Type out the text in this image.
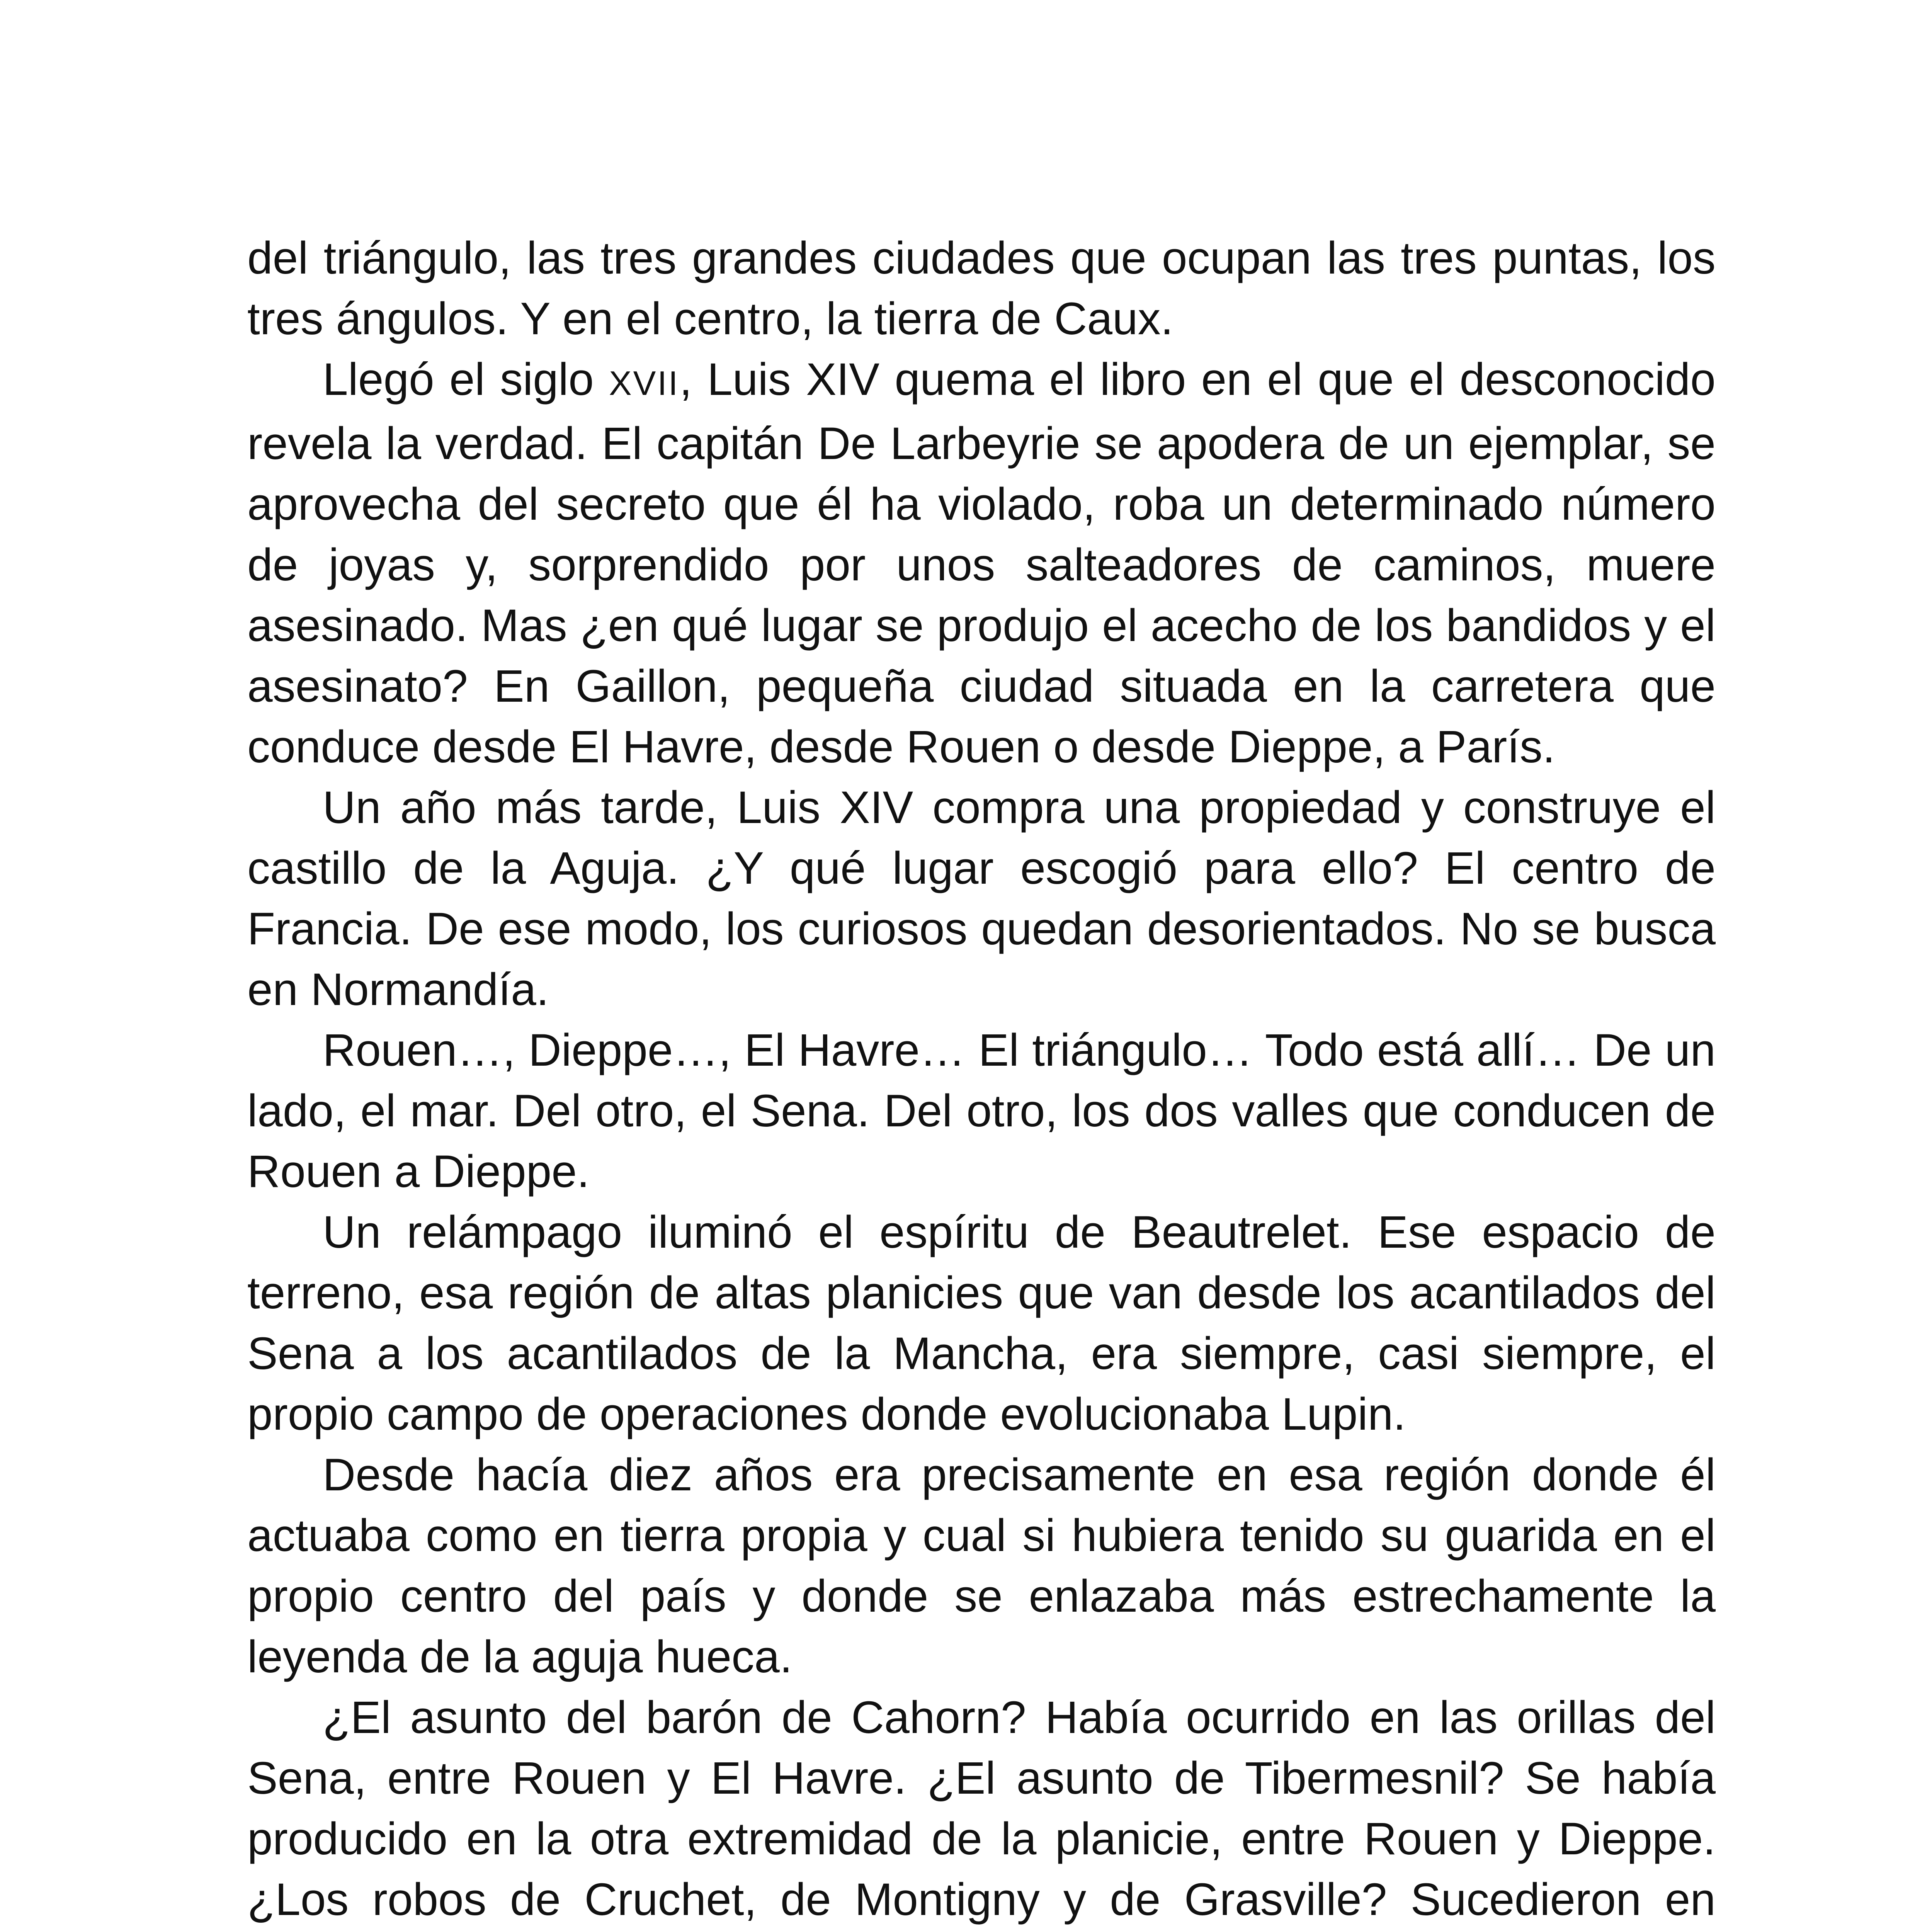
del triángulo, las tres grandes ciudades que ocupan las tres puntas, los tres ángulos. Y en el centro, la tierra de Caux.

Llegó el siglo XVII, Luis XIV quema el libro en el que el desconocido revela la verdad. El capitán De Larbeyrie se apodera de un ejemplar, se aprovecha del secreto que él ha violado, roba un determinado número de joyas y, sorprendido por unos salteadores de caminos, muere asesinado. Mas ¿en qué lugar se produjo el acecho de los bandidos y el asesinato? En Gaillon, pequeña ciudad situada en la carretera que conduce desde El Havre, desde Rouen o desde Dieppe, a París.

Un año más tarde, Luis XIV compra una propiedad y construye el castillo de la Aguja. ¿Y qué lugar escogió para ello? El centro de Francia. De ese modo, los curiosos quedan desorientados. No se busca en Normandía.

Rouen…, Dieppe…, El Havre… El triángulo… Todo está allí… De un lado, el mar. Del otro, el Sena. Del otro, los dos valles que conducen de Rouen a Dieppe.

Un relámpago iluminó el espíritu de Beautrelet. Ese espacio de terreno, esa región de altas planicies que van desde los acantilados del Sena a los acantilados de la Mancha, era siempre, casi siempre, el propio campo de operaciones donde evolucionaba Lupin.

Desde hacía diez años era precisamente en esa región donde él actuaba como en tierra propia y cual si hubiera tenido su guarida en el propio centro del país y donde se enlazaba más estrechamente la leyenda de la aguja hueca.

¿El asunto del barón de Cahorn? Había ocurrido en las orillas del Sena, entre Rouen y El Havre. ¿El asunto de Tibermesnil? Se había producido en la otra extremidad de la planicie, entre Rouen y Dieppe. ¿Los robos de Cruchet, de Montigny y de Grasville? Sucedieron en
